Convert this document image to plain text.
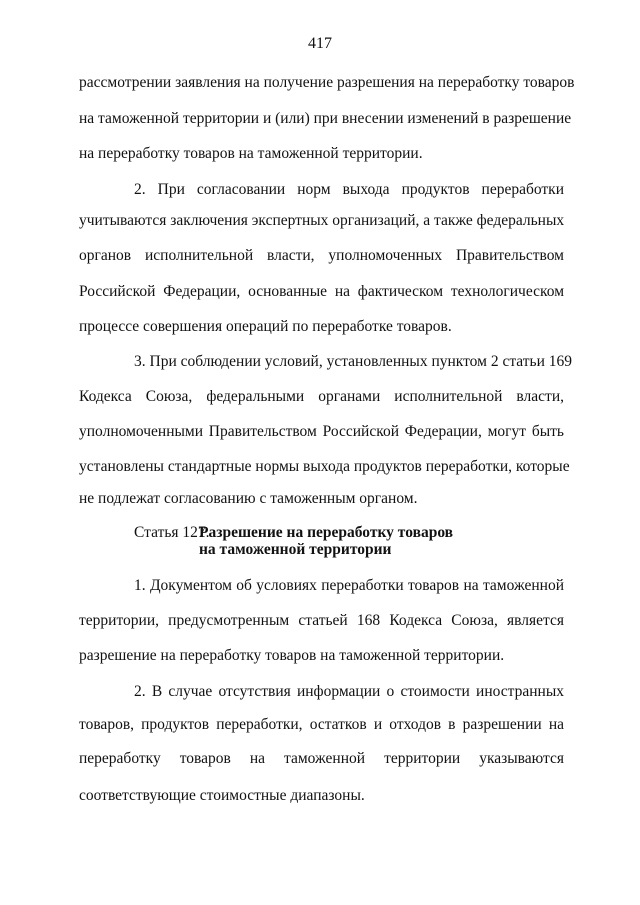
417
рассмотрении заявления на получение разрешения на переработку товаров
на таможенной территории и (или) при внесении изменений в разрешение
на переработку товаров на таможенной территории.
2. При согласовании норм выхода продуктов переработки
учитываются заключения экспертных организаций, а также федеральных
органов исполнительной власти, уполномоченных Правительством
Российской Федерации, основанные на фактическом технологическом
процессе совершения операций по переработке товаров.
3. При соблюдении условий, установленных пунктом 2 статьи 169
Кодекса Союза, федеральными органами исполнительной власти,
уполномоченными Правительством Российской Федерации, могут быть
установлены стандартные нормы выхода продуктов переработки, которые
не подлежат согласованию с таможенным органом.
Статья 127.Разрешение на переработку товаров
на таможенной территории
1. Документом об условиях переработки товаров на таможенной
территории, предусмотренным статьей 168 Кодекса Союза, является
разрешение на переработку товаров на таможенной территории.
2. В случае отсутствия информации о стоимости иностранных
товаров, продуктов переработки, остатков и отходов в разрешении на
переработку товаров на таможенной территории указываются
соответствующие стоимостные диапазоны.
